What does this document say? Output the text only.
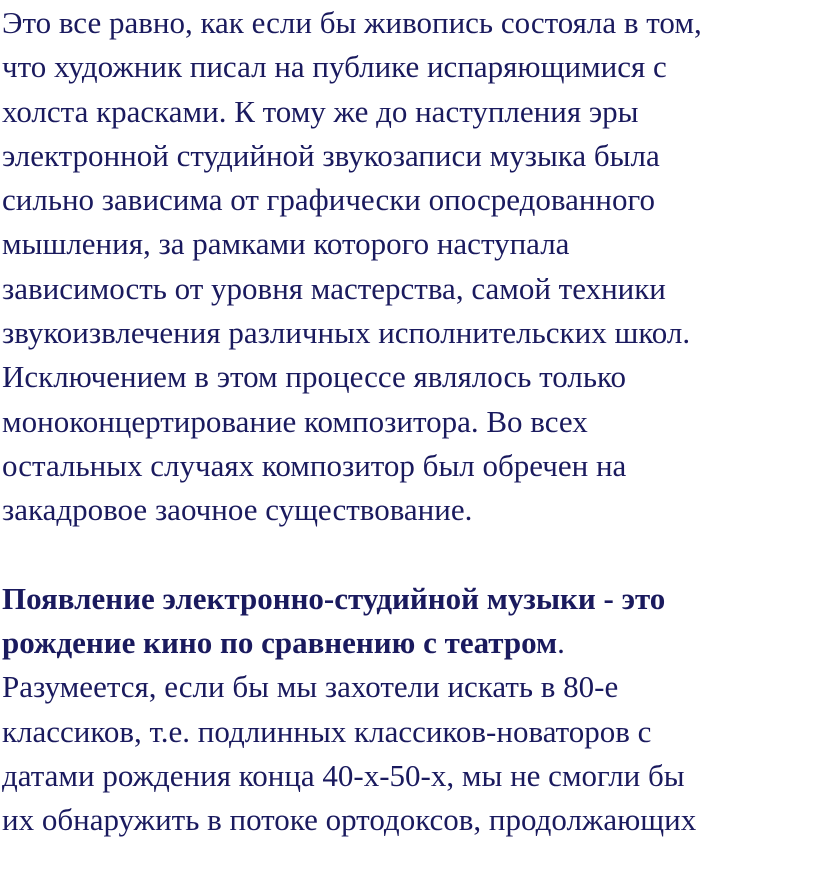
Это все равно, как если бы живопись состояла в том,
что художник писал на публике испаряющимися с
холста красками. К тому же до наступления эры
электронной студийной звукозаписи музыка была
сильно зависима от графически опосредованного
мышления, за рамками которого наступала
зависимость от уровня мастерства, самой техники
звукоизвлечения различных исполнительских школ.
Исключением в этом процессе являлось только
моноконцертирование композитора. Во всех
остальных случаях композитор был обречен на
закадровое заочное существование.
Появление электронно-студийной музыки - это
рождение кино по сравнению с театром.
Разумеется, если бы мы захотели искать в 80-е
классиков, т.е. подлинных классиков-новаторов с
датами рождения конца 40-х-50-х, мы не смогли бы
их обнаружить в потоке ортодоксов, продолжающих
